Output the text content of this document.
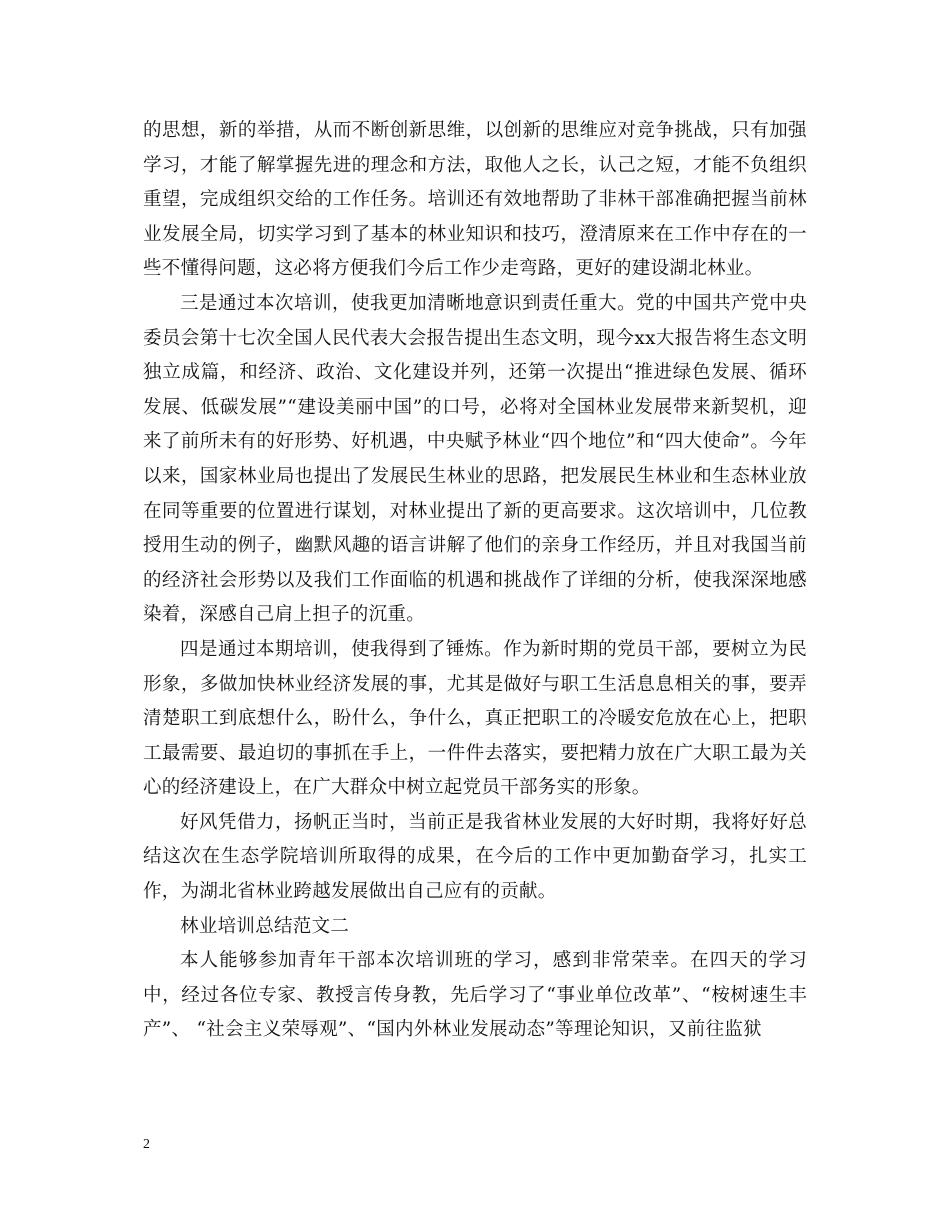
的思想，新的举措，从而不断创新思维，以创新的思维应对竞争挑战，只有加强学习，才能了解掌握先进的理念和方法，取他人之长，认己之短，才能不负组织重望，完成组织交给的工作任务。培训还有效地帮助了非林干部准确把握当前林业发展全局，切实学习到了基本的林业知识和技巧，澄清原来在工作中存在的一些不懂得问题，这必将方便我们今后工作少走弯路，更好的建设湖北林业。

三是通过本次培训，使我更加清晰地意识到责任重大。党的中国共产党中央委员会第十七次全国人民代表大会报告提出生态文明，现今xx大报告将生态文明独立成篇，和经济、政治、文化建设并列，还第一次提出“推进绿色发展、循环发展、低碳发展”“建设美丽中国”的口号，必将对全国林业发展带来新契机，迎来了前所未有的好形势、好机遇，中央赋予林业“四个地位”和“四大使命”。今年以来，国家林业局也提出了发展民生林业的思路，把发展民生林业和生态林业放在同等重要的位置进行谋划，对林业提出了新的更高要求。这次培训中，几位教授用生动的例子，幽默风趣的语言讲解了他们的亲身工作经历，并且对我国当前的经济社会形势以及我们工作面临的机遇和挑战作了详细的分析，使我深深地感染着，深感自己肩上担子的沉重。

四是通过本期培训，使我得到了锤炼。作为新时期的党员干部，要树立为民形象，多做加快林业经济发展的事，尤其是做好与职工生活息息相关的事，要弄清楚职工到底想什么，盼什么，争什么，真正把职工的冷暖安危放在心上，把职工最需要、最迫切的事抓在手上，一件件去落实，要把精力放在广大职工最为关心的经济建设上，在广大群众中树立起党员干部务实的形象。

好风凭借力，扬帆正当时，当前正是我省林业发展的大好时期，我将好好总结这次在生态学院培训所取得的成果，在今后的工作中更加勤奋学习，扎实工作，为湖北省林业跨越发展做出自己应有的贡献。

林业培训总结范文二

本人能够参加青年干部本次培训班的学习，感到非常荣幸。在四天的学习中，经过各位专家、教授言传身教，先后学习了“事业单位改革”、“桉树速生丰产”、 “社会主义荣辱观”、“国内外林业发展动态”等理论知识，又前往监狱

2
